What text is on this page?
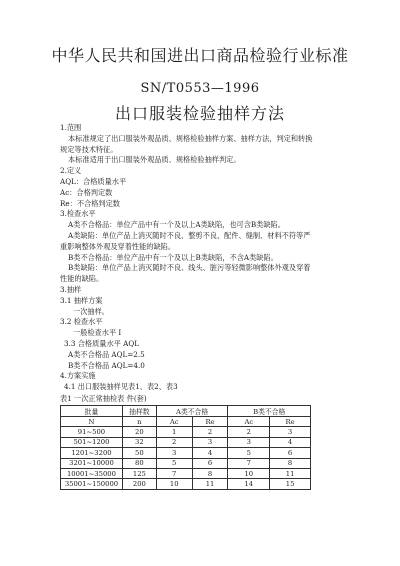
中华人民共和国进出口商品检验行业标准
SN/T0553—1996
出口服装检验抽样方法
1.范围
本标准规定了出口服装外观品质、规格检验抽样方案、抽样方法，判定和转换
规定等技术特征。
本标准适用于出口服装外观品质、规格检验抽样判定。
2.定义
AQL：合格质量水平
Ac：合格判定数
Re：不合格判定数
3.检查水平
A类不合格品：单位产品中有一个及以上A类缺陷，也可含B类缺陷。
A类缺陷：单位产品上消灭随时不良、整剪不良、配件、缝制、材料不符等严
重影响整体外观及穿着性能的缺陷。
B类不合格品：单位产品中有一个及以上B类缺陷，不含A类缺陷。
B类缺陷：单位产品上消灭随时不良、线头、脏污等轻微影响整体外观及穿着
性能的缺陷。
3.抽样
3.1 抽样方案
一次抽样。
3.2 检查水平
一般检查水平 I
3.3 合格质量水平 AQL
A类不合格品 AQL=2.5
B类不合格品 AQL=4.0
4.方案实施
4.1 出口服装抽样见表1、表2、表3
表1 一次正常抽检表 件(套)
批量	抽样数	A类不合格		B类不合格	
N	n	Ac	Re	Ac	Re
91~500	20	1	2	2	3
501~1200	32	2	3	3	4
1201~3200	50	3	4	5	6
3201~10000	80	5	6	7	8
10001~35000	125	7	8	10	11
35001~150000	200	10	11	14	15
